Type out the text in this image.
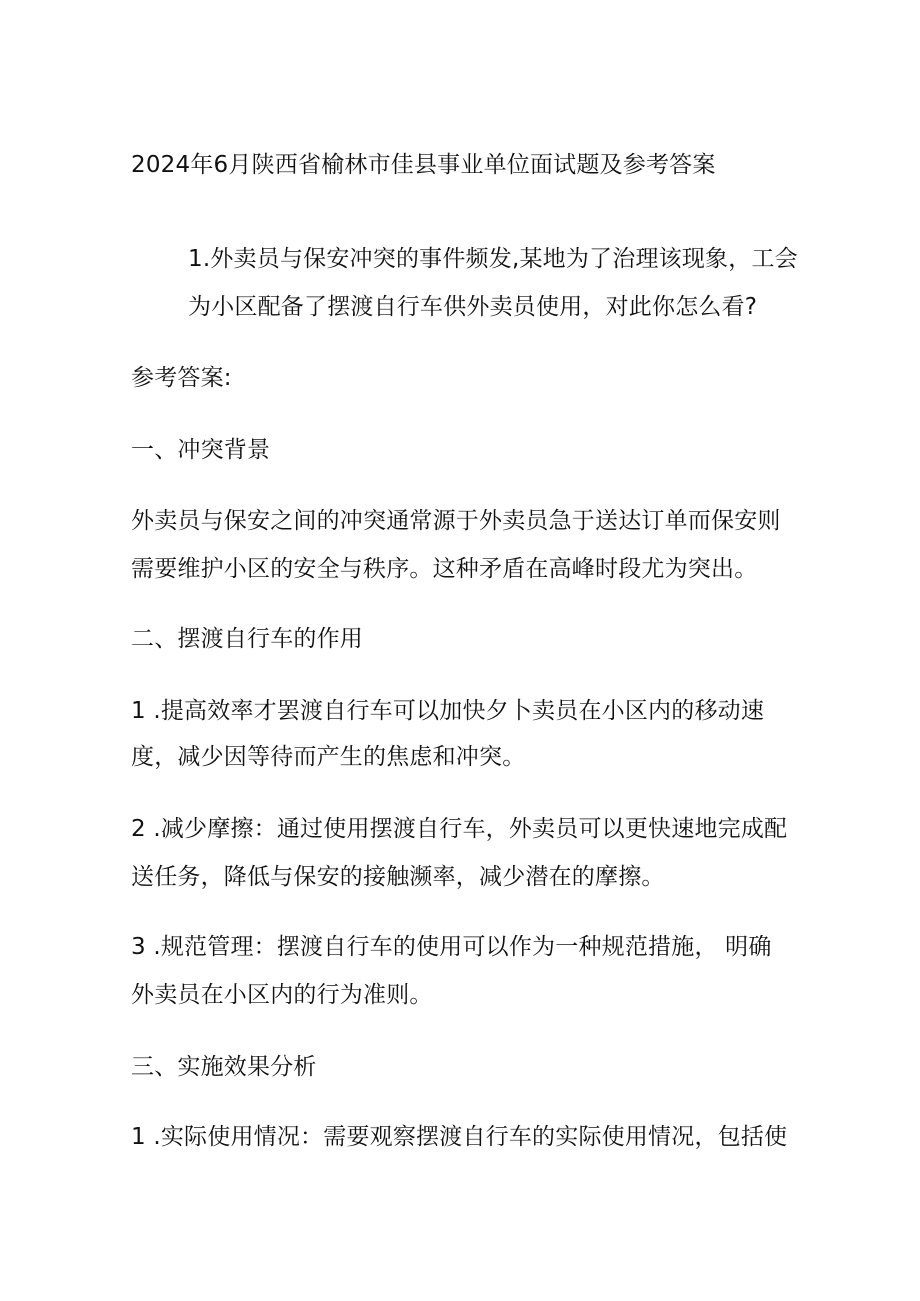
2024年6月陕西省榆林市佳县事业单位面试题及参考答案
1.外卖员与保安冲突的事件频发,某地为了治理该现象，工会
为小区配备了摆渡自行车供外卖员使用，对此你怎么看?
参考答案:
一、冲突背景
外卖员与保安之间的冲突通常源于外卖员急于送达订单而保安则
需要维护小区的安全与秩序。这种矛盾在高峰时段尤为突出。
二、摆渡自行车的作用
1 .提高效率才罢渡自行车可以加快夕卜卖员在小区内的移动速
度，减少因等待而产生的焦虑和冲突。
2 .减少摩擦：通过使用摆渡自行车，外卖员可以更快速地完成配
送任务，降低与保安的接触濒率，减少潜在的摩擦。
3 .规范管理：摆渡自行车的使用可以作为一种规范措施， 明确
外卖员在小区内的行为准则。
三、实施效果分析
1 .实际使用情况：需要观察摆渡自行车的实际使用情况，包括使
